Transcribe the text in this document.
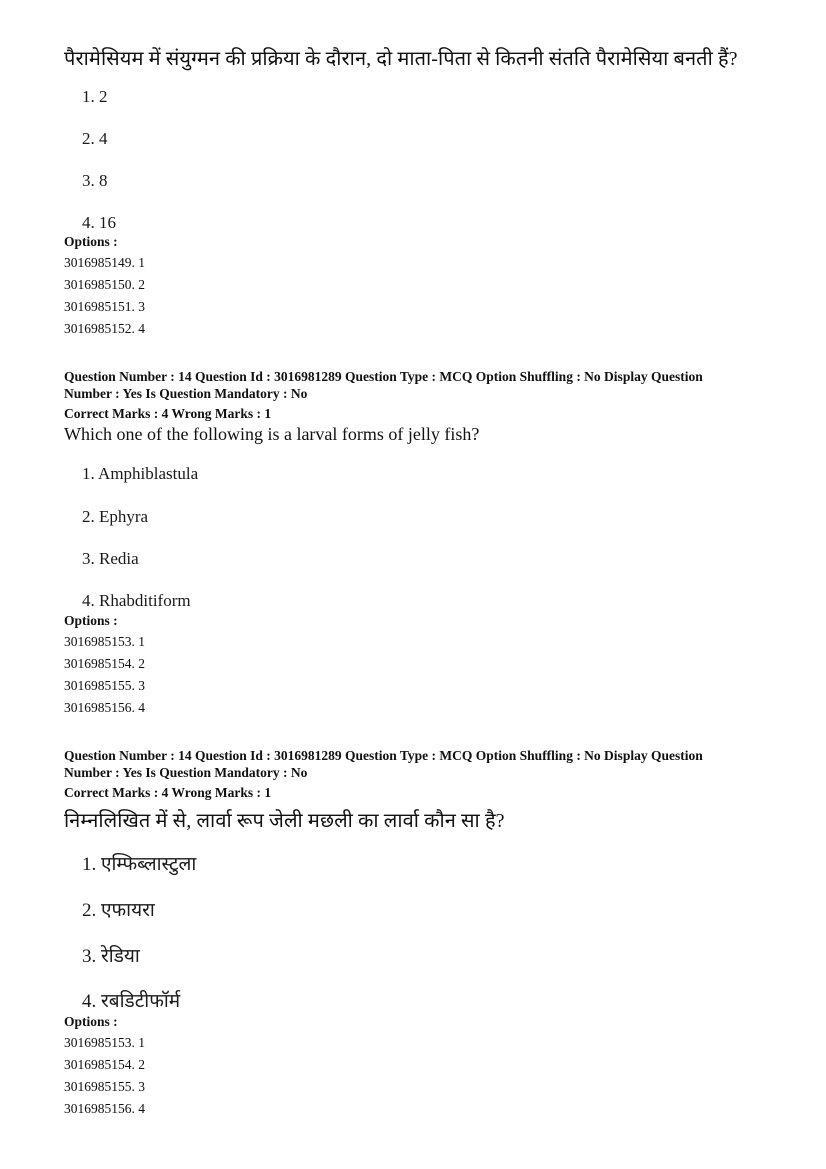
पैरामेसियम में संयुग्मन की प्रक्रिया के दौरान, दो माता-पिता से कितनी संतति पैरामेसिया बनती हैं?
1. 2
2. 4
3. 8
4. 16
Options :
3016985149. 1
3016985150. 2
3016985151. 3
3016985152. 4
Question Number : 14 Question Id : 3016981289 Question Type : MCQ Option Shuffling : No Display Question
Number : Yes Is Question Mandatory : No
Correct Marks : 4 Wrong Marks : 1
Which one of the following is a larval forms of jelly fish?
1. Amphiblastula
2. Ephyra
3. Redia
4. Rhabditiform
Options :
3016985153. 1
3016985154. 2
3016985155. 3
3016985156. 4
Question Number : 14 Question Id : 3016981289 Question Type : MCQ Option Shuffling : No Display Question
Number : Yes Is Question Mandatory : No
Correct Marks : 4 Wrong Marks : 1
निम्नलिखित में से, लार्वा रूप जेली मछली का लार्वा कौन सा है?
1. एम्फिब्लास्टुला
2. एफायरा
3. रेडिया
4. रबडिटीफॉर्म
Options :
3016985153. 1
3016985154. 2
3016985155. 3
3016985156. 4
